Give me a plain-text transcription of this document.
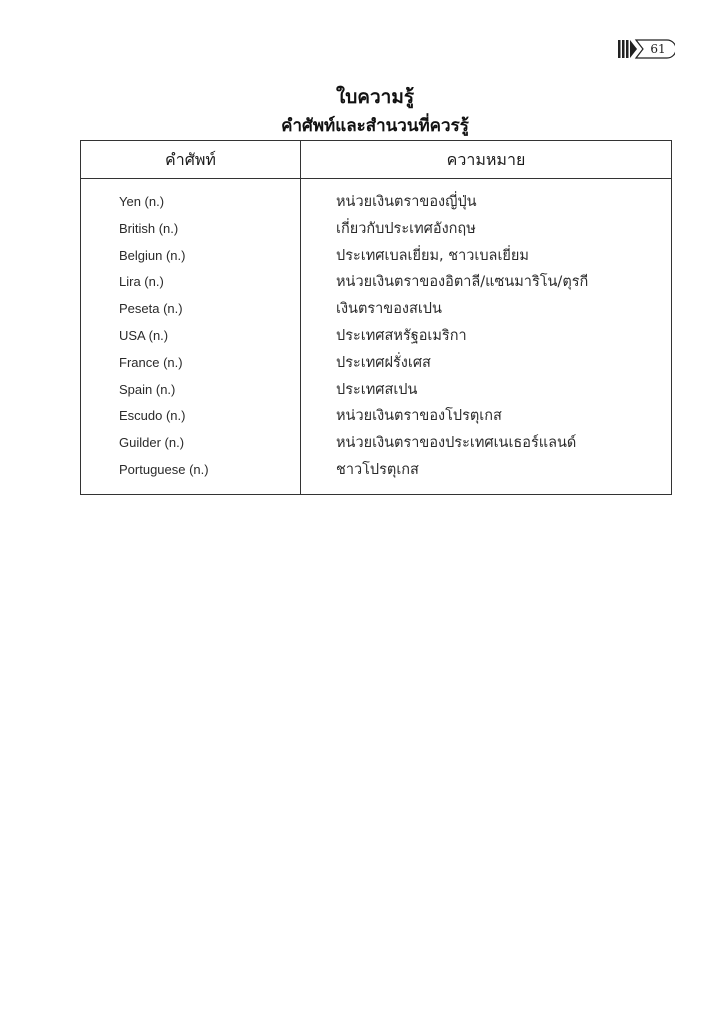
61
ใบความรู้
คำศัพท์และสำนวนที่ควรรู้
คำศัพท์	ความหมาย
Yen (n.)	หน่วยเงินตราของญี่ปุ่น
British (n.)	เกี่ยวกับประเทศอังกฤษ
Belgiun (n.)	ประเทศเบลเยี่ยม, ชาวเบลเยี่ยม
Lira (n.)	หน่วยเงินตราของอิตาลี/แซนมาริโน/ตุรกี
Peseta (n.)	เงินตราของสเปน
USA (n.)	ประเทศสหรัฐอเมริกา
France (n.)	ประเทศฝรั่งเศส
Spain (n.)	ประเทศสเปน
Escudo (n.)	หน่วยเงินตราของโปรตุเกส
Guilder (n.)	หน่วยเงินตราของประเทศเนเธอร์แลนด์
Portuguese (n.)	ชาวโปรตุเกส
